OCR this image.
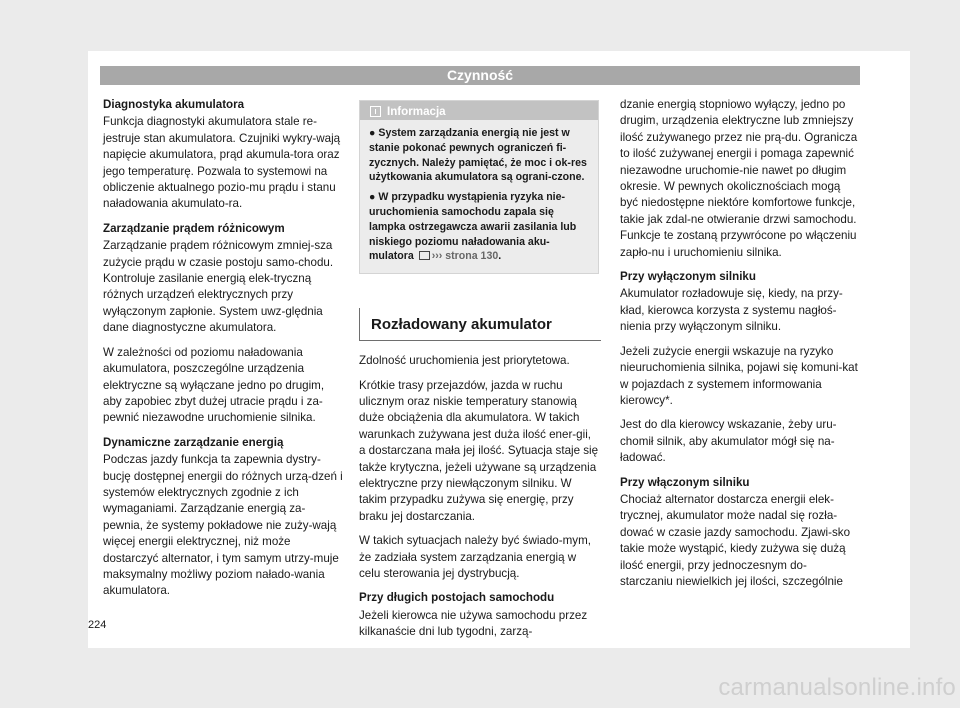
Czynność
Diagnostyka akumulatora

Funkcja diagnostyki akumulatora stale re-jestruje stan akumulatora. Czujniki wykry-wają napięcie akumulatora, prąd akumula-tora oraz jego temperaturę. Pozwala to systemowi na obliczenie aktualnego pozio-mu prądu i stanu naładowania akumulato-ra.

Zarządzanie prądem różnicowym

Zarządzanie prądem różnicowym zmniej-sza zużycie prądu w czasie postoju samo-chodu. Kontroluje zasilanie energią elek-tryczną różnych urządzeń elektrycznych przy wyłączonym zapłonie. System uwz-ględnia dane diagnostyczne akumulatora.

W zależności od poziomu naładowania akumulatora, poszczególne urządzenia elektryczne są wyłączane jedno po drugim, aby zapobiec zbyt dużej utracie prądu i za-pewnić niezawodne uruchomienie silnika.

Dynamiczne zarządzanie energią

Podczas jazdy funkcja ta zapewnia dystry-bucję dostępnej energii do różnych urzą-dzeń i systemów elektrycznych zgodnie z ich wymaganiami. Zarządzanie energią za-pewnia, że systemy pokładowe nie zuży-wają więcej energii elektrycznej, niż może dostarczyć alternator, i tym samym utrzy-muje maksymalny możliwy poziom nałado-wania akumulatora.

Informacja

● System zarządzania energią nie jest w stanie pokonać pewnych ograniczeń fi-zycznych. Należy pamiętać, że moc i ok-res użytkowania akumulatora są ograni-czone.

● W przypadku wystąpienia ryzyka nie-uruchomienia samochodu zapala się lampka ostrzegawcza awarii zasilania lub niskiego poziomu naładowania aku-mulatora ››› strona 130.

Rozładowany akumulator

Zdolność uruchomienia jest priorytetowa.

Krótkie trasy przejazdów, jazda w ruchu ulicznym oraz niskie temperatury stanowią duże obciążenia dla akumulatora. W takich warunkach zużywana jest duża ilość ener-gii, a dostarczana mała jej ilość. Sytuacja staje się także krytyczna, jeżeli używane są urządzenia elektryczne przy niewłączonym silniku. W takim przypadku zużywa się energię, przy braku jej dostarczania.

W takich sytuacjach należy być świado-mym, że zadziała system zarządzania energią w celu sterowania jej dystrybucją.

Przy długich postojach samochodu

Jeżeli kierowca nie używa samochodu przez kilkanaście dni lub tygodni, zarzą-

dzanie energią stopniowo wyłączy, jedno po drugim, urządzenia elektryczne lub zmniejszy ilość zużywanego przez nie prą-du. Ogranicza to ilość zużywanej energii i pomaga zapewnić niezawodne uruchomie-nie nawet po długim okresie. W pewnych okolicznościach mogą być niedostępne niektóre komfortowe funkcje, takie jak zdal-ne otwieranie drzwi samochodu. Funkcje te zostaną przywrócone po włączeniu zapło-nu i uruchomieniu silnika.

Przy wyłączonym silniku

Akumulator rozładowuje się, kiedy, na przy-kład, kierowca korzysta z systemu nagłoś-nienia przy wyłączonym silniku.

Jeżeli zużycie energii wskazuje na ryzyko nieuruchomienia silnika, pojawi się komuni-kat w pojazdach z systemem informowania kierowcy*.

Jest do dla kierowcy wskazanie, żeby uru-chomił silnik, aby akumulator mógł się na-ładować.

Przy włączonym silniku

Chociaż alternator dostarcza energii elek-trycznej, akumulator może nadal się rozła-dować w czasie jazdy samochodu. Zjawi-sko takie może wystąpić, kiedy zużywa się dużą ilość energii, przy jednoczesnym do-starczaniu niewielkich jej ilości, szczególnie

224
carmanualsonline.info
